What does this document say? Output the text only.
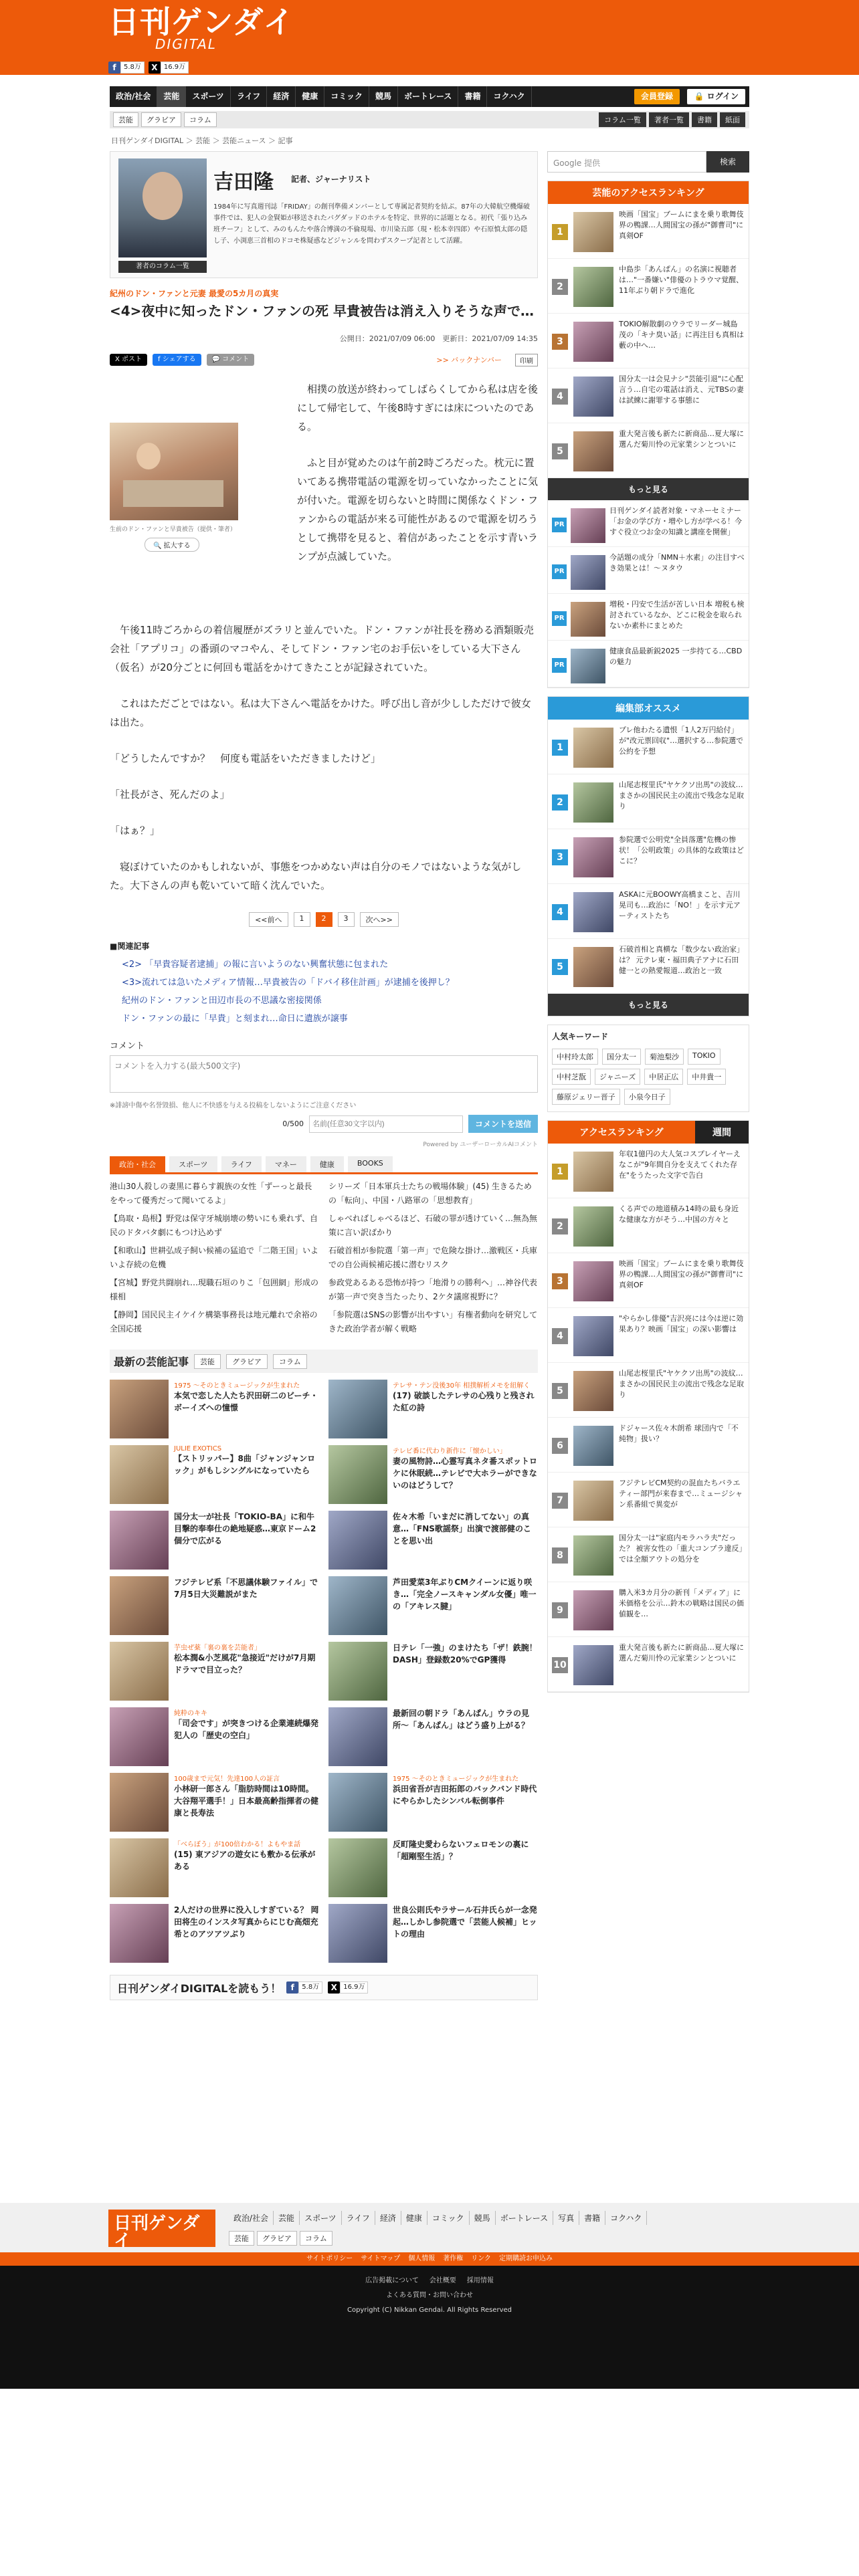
日刊ゲンダイ
DIGITAL
f	5.8万	X 16.9万
政治/社会	芸能	スポーツ	ライフ	経済	健康	コミック	競馬	ボートレース	書籍	コクハク	会員登録	🔒 ログイン
芸能	グラビア	コラム	コラム一覧	著者一覧	書籍	紙面
日刊ゲンダイDIGITAL ＞ 芸能 ＞ 芸能ニュース ＞ 記事
著者のコラム一覧
吉田隆 記者、ジャーナリスト
1984年に写真週刊誌「FRIDAY」の創刊準備メンバーとして専属記者契約を結ぶ。87年の大韓航空機爆破事件では、犯人の金賢姫が移送されたバグダッドのホテルを特定、世界的に話題となる。初代「張り込み班チーフ」として、みのもんたや落合博満の不倫現場、市川染五郎（現・松本幸四郎）や石原慎太郎の隠し子、小渕恵三首相のドコモ株疑惑などジャンルを問わずスクープ記者として活躍。
紀州のドン・ファンと元妻 最愛の5カ月の真実
<4>夜中に知ったドン・ファンの死 早貴被告は消え入りそうな声で…
公開日：2021/07/09 06:00　 更新日：2021/07/09 14:35
X ポスト	f シェアする	💬 コメント	>> バックナンバー	印刷
生前のドン・ファンと早貴被告（提供・筆者）
🔍 拡大する

相撲の放送が終わってしばらくしてから私は店を後にして帰宅して、午後8時すぎには床についたのである。

ふと目が覚めたのは午前2時ごろだった。枕元に置いてある携帯電話の電源を切っていなかったことに気が付いた。電源を切らないと時間に関係なくドン・ファンからの電話が来る可能性があるので電源を切ろうとして携帯を見ると、着信があったことを示す青いランプが点滅していた。

午後11時ごろからの着信履歴がズラリと並んでいた。ドン・ファンが社長を務める酒類販売会社「アプリコ」の番頭のマコやん、そしてドン・ファン宅のお手伝いをしている大下さん（仮名）が20分ごとに何回も電話をかけてきたことが記録されていた。

これはただごとではない。私は大下さんへ電話をかけた。呼び出し音が少ししただけで彼女は出た。

「どうしたんですか？　何度も電話をいただきましたけど」

「社長がさ、死んだのよ」

「はぁ？」

寝ぼけていたのかもしれないが、事態をつかめない声は自分のモノではないような気がした。大下さんの声も乾いていて暗く沈んでいた。

<<前へ	1	2	3	次へ>>
■関連記事
<2> 「早貴容疑者逮捕」の報に言いようのない興奮状態に包まれた
<3>流れては急いたメディア情報…早貴被告の「ドバイ移住計画」が逮捕を後押し？
紀州のドン・ファンと田辺市長の不思議な密接関係
ドン・ファンの最に「早貴」と刻まれ…命日に遺族が譲事
コメント
コメントを入力する(最大500文字)
※誹謗中傷や名誉毀損、他人に不快感を与える投稿をしないようにご注意ください
0/500
名前(任意30文字以内)	コメントを送信
Powered by ユーザーローカルAIコメント
政治・社会	スポーツ	ライフ	マネー	健康	BOOKS
港山30人殺しの妻黒に暮らす親族の女性「ずーっと最長をやって優秀だって聞いてるよ」
シリーズ「日本軍兵士たちの戦場体験」(45) 生きるための「転向」、中国・八路軍の「思想教育」
【鳥取・島根】野党は保守牙城崩壊の勢いにも乗れず、自民のドタバタ劇にもつけ込めず
しゃべればしゃべるほど、石破の罪が透けていく…無為無策に言い訳ばかり
【和歌山】世耕弘成子飼い候補の猛追で「二階王国」いよいよ存続の危機
石破首相が参院選「第一声」で危険な掛け…激戦区・兵庫での自公両候補応援に潜むリスク
【宮城】野党共闘崩れ…現職石垣のりこ「包囲網」形成の様相
参政党あるある恐怖が持つ「地滑りの勝利へ」…神谷代表が第一声で突き当たったり、2ケタ議席視野に？
【静岡】国民民主イケイケ構築事務長は地元離れで余裕の全国応援
「参院選はSNSの影響が出やすい」有権者動向を研究してきた政治学者が解く戦略
最新の芸能記事	芸能	グラビア	コラム
1975 ～そのときミュージックが生まれた
本気で恋した人たち沢田研二のビーチ・ボーイズへの憧憬
テレサ・テン没後30年 相撲解析メモを紐解く
(17) 破談したテレサの心残りと残された紅の詩
JULIE EXOTICS
【ストリッパー】8曲「ジャンジャンロック」がもしシングルになっていたら
テレビ番に代わり新作に「懐かしい」
妻の風物詩…心霊写真ネタ番スポットロケに休眠続…テレビで大ホラーができないのはどうして？
国分太一が社長「TOKIO-BA」に和牛目撃的奉奉仕の絶地疑惑…東京ドーム2個分で広がる
佐々木希「いまだに消してない」の真意…「FNS歌謡祭」出演で渡部健のことを思い出
フジテレビ系「不思議体験ファイル」で7月5日大災難説がまた
芦田愛菜3年ぶりCMクイーンに返り咲き…「完全ノースキャンダル女優」唯一の「アキレス腱」
芋虫ぜ薬「裏の裏を芸能者」
松本潤&小芝風花"急接近"だけが7月期ドラマで目立った？
日テレ「一強」のまけたち「ザ！鉄腕！DASH」登録数20%でGP獲得
純粋のキキ
「司会です」が突きつける企業連続爆発犯人の「歴史の空白」
最新回の朝ドラ「あんぱん」ウラの見所〜「あんぱん」はどう盛り上がる？
100歳まで元気！先達100人の証言
小林研一郎さん「脂肪時間は10時間。大谷翔平選手！」日本最高齢指揮者の健康と長寿法
1975 ～そのときミュージックが生まれた
浜田省吾が吉田拓郎のバックバンド時代にやらかしたシンバル転倒事件
「べらぼう」が100倍わかる！よもやま話
(15) 東アジアの遊女にも敷かる伝承がある
反町隆史愛わらないフェロモンの裏に「超剛堅生活」？
2人だけの世界に没入しすぎている？ 岡田将生のインスタ写真からにじむ高畑充希とのアツアツぶり
世良公則氏やラサール石井氏らが一念発起…しかし参院選で「芸能人候補」ヒットの理由
日刊ゲンダイDIGITALを読もう！	f	5.8万	X 16.9万
Google 提供	検索
芸能のアクセスランキング
1
映画「国宝」ブームにまを乗り歌舞伎界の鴨課…人間国宝の孫が"御曹司"に真剣OF
2
中島歩「あんぱん」の名演に視聴者は…"一番嫌い"俳優のトラウマ覚醒、11年ぶり朝ドラで進化
3
TOKIO解散劇のウラでリーダー城島茂の「キナ臭い話」に再注目も真相は藪の中へ…
4
国分太一は会見ナシ"芸能引退"に心配言う…自宅の電話は消え、元TBSの妻は試練に謝罪する事態に
5
重大発言後も新たに新商品…夏大塚に選んだ菊川怜の元家業シンとついに
もっと見る
PR
日刊ゲンダイ読者対象・マネーセミナー「お金の学び方・増やし方が学べる！今すぐ役立つお金の知識と講座を開催」
PR
今話題の成分「NMN＋水素」の注目すべき効果とは！〜ヌタウ
PR
増税・円安で生活が苦しい日本 増税も検討されているなか、どこに税金を取られないか素朴にまとめた
PR
健康食品最新鋭2025 一歩持てる…CBDの魅力
編集部オススメ
1
プレ他わたる遺恨「1人2万円給付」が"改元票回収"…選択する…参院選で公約を予想
2
山尾志桜里氏"ヤケクソ出馬"の波紋…まさかの国民民主の流出で残念な足取り
3
参院選で公明党"全員落選"危機の惨状！「公明政策」の具体的な政策はどこに？
4
ASKAに元BOOWY高橋まこと、吉川晃司も…政治に「NO！」を示す元アーティストたち
5
石破首相と真横な「数少ない政治家」は？ 元テレ東・福田典子アナに石田健一との熱愛報道…政治と一致
もっと見る
人気キーワード
中村玲太郎	国分太一	菊池梨沙	TOKIO
中村芝翫	ジャニーズ	中居正広	中井貴一
藤原ジェリー晋子	小泉今日子
アクセスランキング	週間
1
年収1億円の大人気コスプレイヤーえなこが"9年間自分を支えてくれた存在"をうたった文字で告白
2
くる声での地道積み14時の最も身近な健康な方がそう…中国の方々と
3
映画「国宝」ブームにまを乗り歌舞伎界の鴨課…人間国宝の孫が"御曹司"に真剣OF
4
"やらかし俳優"吉沢亮には今は逆に効果あり？映画「国宝」の深い影響は
5
山尾志桜里氏"ヤケクソ出馬"の波紋…まさかの国民民主の流出で残念な足取り
6
ドジャース佐々木朗希 球団内で「不純物」扱い？
7
フジテレビCM契約の混血たちバラエティー部門が来春まで…ミュージシャン系番組で異変が
8
国分太一は"家庭内モラハラ夫"だった？ 被害女性の「重大コンプラ違反」では全額アウトの処分を
9
購入米3カ月分の新刊「メディア」に米価格を公示…鈴木の戦略は国民の価値観を…
10
重大発言後も新たに新商品…夏大塚に選んだ菊川怜の元家業シンとついに
日刊ゲンダイ
政治/社会	芸能	スポーツ	ライフ	経済	健康	コミック	競馬	ボートレース	写真	書籍	コクハク
芸能	グラビア	コラム
サイトポリシー サイトマップ 個人情報 著作権 リンク 定期購読お申込み
広告掲載について 会社概要 採用情報
よくある質問・お問い合わせ
Copyright (C) Nikkan Gendai. All Rights Reserved
